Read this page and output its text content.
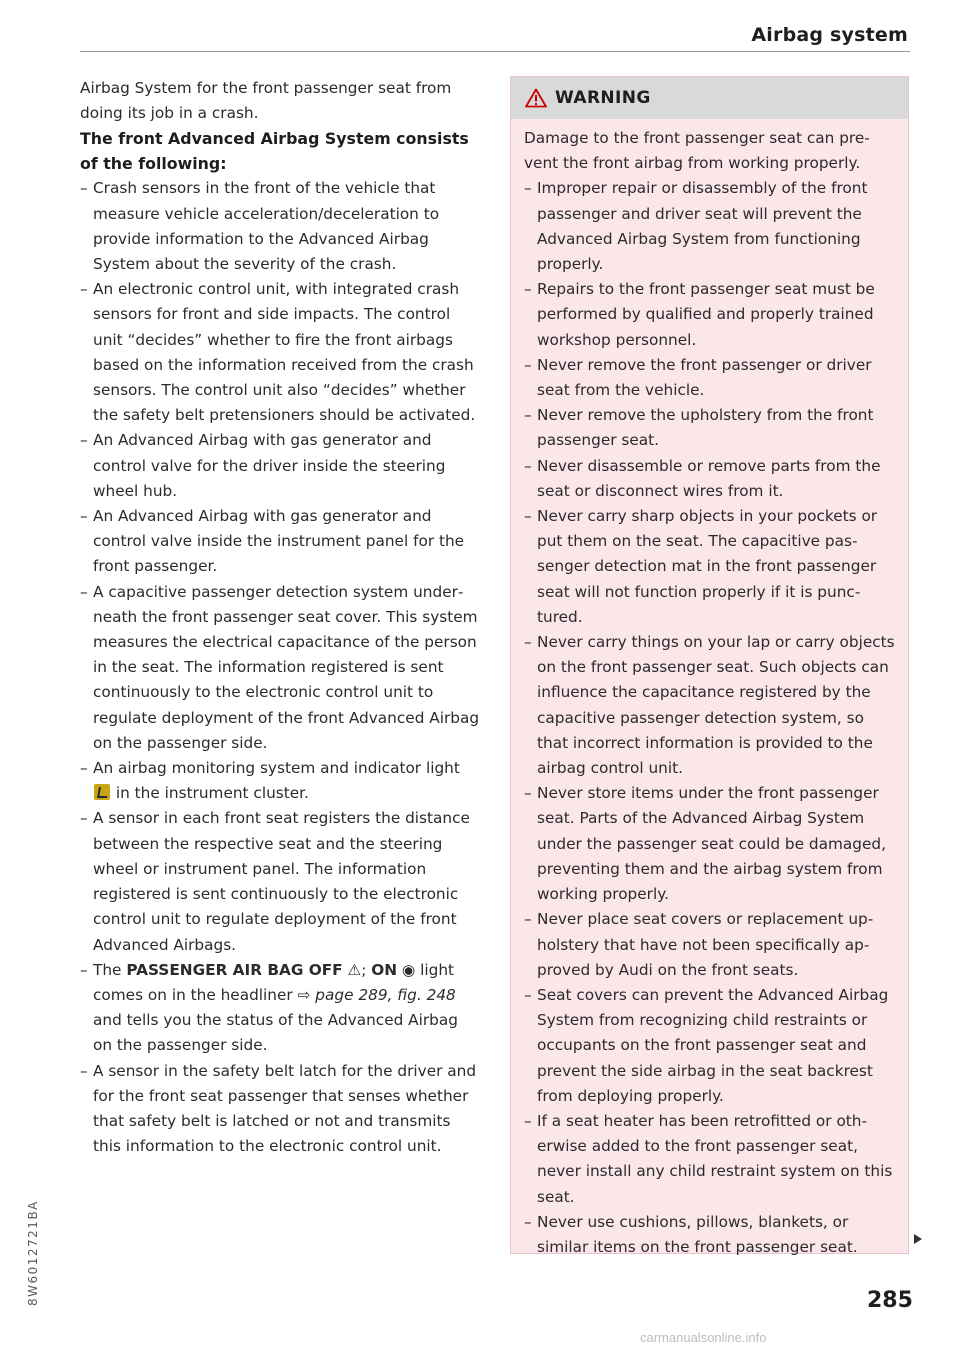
Airbag system

Airbag System for the front passenger seat from doing its job in a crash.

The front Advanced Airbag System consists of the following:

– Crash sensors in the front of the vehicle that measure vehicle acceleration/deceleration to provide information to the Advanced Airbag System about the severity of the crash.
– An electronic control unit, with integrated crash sensors for front and side impacts. The control unit “decides” whether to fire the front airbags based on the information received from the crash sensors. The control unit also “decides” whether the safety belt pretensioners should be activated.
– An Advanced Airbag with gas generator and control valve for the driver inside the steering wheel hub.
– An Advanced Airbag with gas generator and control valve inside the instrument panel for the front passenger.
– A capacitive passenger detection system underneath the front passenger seat cover. This system measures the electrical capacitance of the person in the seat. The information registered is sent continuously to the electronic control unit to regulate deployment of the front Advanced Airbag on the passenger side.
– An airbag monitoring system and indicator light  in the instrument cluster.
– A sensor in each front seat registers the distance between the respective seat and the steering wheel or instrument panel. The information registered is sent continuously to the electronic control unit to regulate deployment of the front Advanced Airbags.
– The PASSENGER AIR BAG OFF ⚠; ON ◉ light comes on in the headliner ⇨ page 289, fig. 248 and tells you the status of the Advanced Airbag on the passenger side.
– A sensor in the safety belt latch for the driver and for the front seat passenger that senses whether that safety belt is latched or not and transmits this information to the electronic control unit.
WARNING

Damage to the front passenger seat can prevent the front airbag from working properly.

– Improper repair or disassembly of the front passenger and driver seat will prevent the Advanced Airbag System from functioning properly.
– Repairs to the front passenger seat must be performed by qualified and properly trained workshop personnel.
– Never remove the front passenger or driver seat from the vehicle.
– Never remove the upholstery from the front passenger seat.
– Never disassemble or remove parts from the seat or disconnect wires from it.
– Never carry sharp objects in your pockets or put them on the seat. The capacitive passenger detection mat in the front passenger seat will not function properly if it is punctured.
– Never carry things on your lap or carry objects on the front passenger seat. Such objects can influence the capacitance registered by the capacitive passenger detection system, so that incorrect information is provided to the airbag control unit.
– Never store items under the front passenger seat. Parts of the Advanced Airbag System under the passenger seat could be damaged, preventing them and the airbag system from working properly.
– Never place seat covers or replacement upholstery that have not been specifically approved by Audi on the front seats.
– Seat covers can prevent the Advanced Airbag System from recognizing child restraints or occupants on the front passenger seat and prevent the side airbag in the seat backrest from deploying properly.
– If a seat heater has been retrofitted or otherwise added to the front passenger seat, never install any child restraint system on this seat.
– Never use cushions, pillows, blankets, or similar items on the front passenger seat.
285
8W6012721BA
carmanualsonline.info
